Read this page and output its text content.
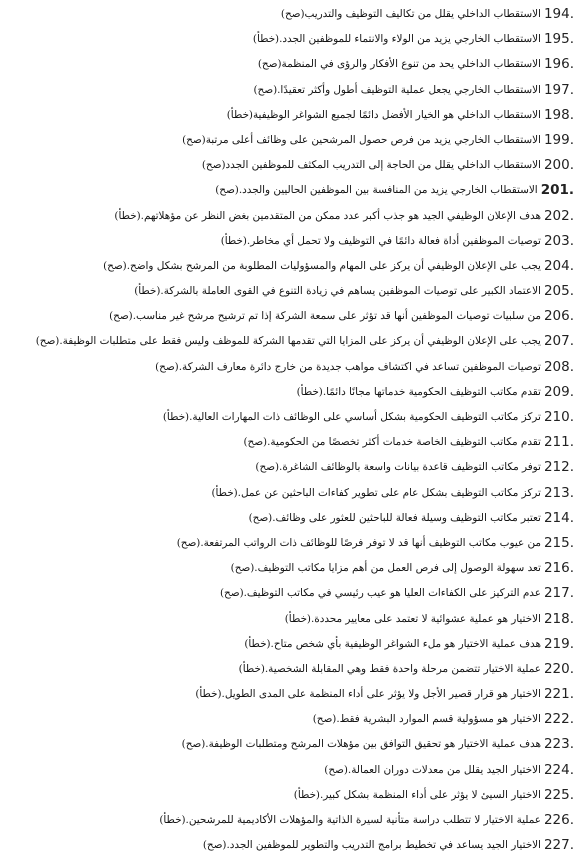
194.
الاستقطاب الداخلي يقلل من تكاليف التوظيف والتدريب(صح)
195.
الاستقطاب الخارجي يزيد من الولاء والانتماء للموظفين الجدد.(خطأ)
196.
الاستقطاب الداخلي يحد من تنوع الأفكار والرؤى في المنظمة(صح)
197.
الاستقطاب الخارجي يجعل عملية التوظيف أطول وأكثر تعقيدًا.(صح)
198.
الاستقطاب الداخلي هو الخيار الأفضل دائمًا لجميع الشواغر الوظيفية(خطأ)
199.
الاستقطاب الخارجي يزيد من فرص حصول المرشحين على وظائف أعلى مرتبة(صح)
200.
الاستقطاب الداخلي يقلل من الحاجة إلى التدريب المكثف للموظفين الجدد(صح)
201.
الاستقطاب الخارجي يزيد من المنافسة بين الموظفين الحاليين والجدد.(صح)
202.
هدف الإعلان الوظيفي الجيد هو جذب أكبر عدد ممكن من المتقدمين بغض النظر عن مؤهلاتهم.(خطأ)
203.
توصيات الموظفين أداة فعالة دائمًا في التوظيف ولا تحمل أي مخاطر.(خطأ)
204.
يجب على الإعلان الوظيفي أن يركز على المهام والمسؤوليات المطلوبة من المرشح بشكل واضح.(صح)
205.
الاعتماد الكبير على توصيات الموظفين يساهم في زيادة التنوع في القوى العاملة بالشركة.(خطأ)
206.
من سلبيات توصيات الموظفين أنها قد تؤثر على سمعة الشركة إذا تم ترشيح مرشح غير مناسب.(صح)
207.
يجب على الإعلان الوظيفي أن يركز على المزايا التي تقدمها الشركة للموظف وليس فقط على متطلبات الوظيفة.(صح)
208.
توصيات الموظفين تساعد في اكتشاف مواهب جديدة من خارج دائرة معارف الشركة.(صح)
209.
تقدم مكاتب التوظيف الحكومية خدماتها مجانًا دائمًا.(خطأ)
210.
تركز مكاتب التوظيف الحكومية بشكل أساسي على الوظائف ذات المهارات العالية.(خطأ)
211.
تقدم مكاتب التوظيف الخاصة خدمات أكثر تخصصًا من الحكومية.(صح)
212.
توفر مكاتب التوظيف قاعدة بيانات واسعة بالوظائف الشاغرة.(صح)
213.
تركز مكاتب التوظيف بشكل عام على تطوير كفاءات الباحثين عن عمل.(خطأ)
214.
تعتبر مكاتب التوظيف وسيلة فعالة للباحثين للعثور على وظائف.(صح)
215.
من عيوب مكاتب التوظيف أنها قد لا توفر فرصًا للوظائف ذات الرواتب المرتفعة.(صح)
216.
تعد سهولة الوصول إلى فرص العمل من أهم مزايا مكاتب التوظيف.(صح)
217.
عدم التركيز على الكفاءات العليا هو عيب رئيسي في مكاتب التوظيف.(صح)
218.
الاختيار هو عملية عشوائية لا تعتمد على معايير محددة.(خطأ)
219.
هدف عملية الاختيار هو ملء الشواغر الوظيفية بأي شخص متاح.(خطأ)
220.
عملية الاختيار تتضمن مرحلة واحدة فقط وهي المقابلة الشخصية.(خطأ)
221.
الاختيار هو قرار قصير الأجل ولا يؤثر على أداء المنظمة على المدى الطويل.(خطأ)
222.
الاختيار هو مسؤولية قسم الموارد البشرية فقط.(صح)
223.
هدف عملية الاختيار هو تحقيق التوافق بين مؤهلات المرشح ومتطلبات الوظيفة.(صح)
224.
الاختيار الجيد يقلل من معدلات دوران العمالة.(صح)
225.
الاختيار السيئ لا يؤثر على أداء المنظمة بشكل كبير.(خطأ)
226.
عملية الاختيار لا تتطلب دراسة متأنية لسيرة الذاتية والمؤهلات الأكاديمية للمرشحين.(خطأ)
227.
الاختيار الجيد يساعد في تخطيط برامج التدريب والتطوير للموظفين الجدد.(صح)
